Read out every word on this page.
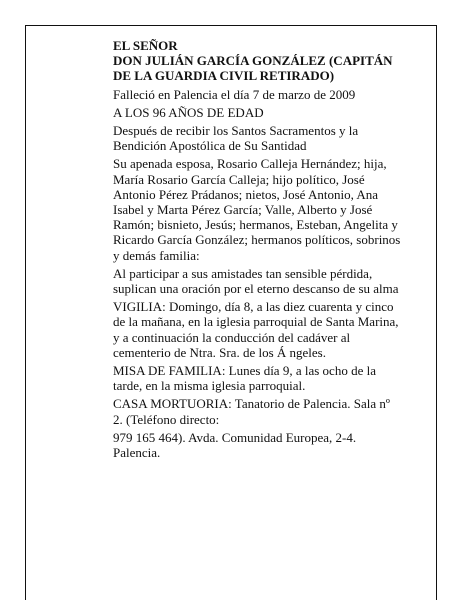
EL SEÑOR

DON JULIÁN GARCÍA GONZÁLEZ (CAPITÁN

DE LA GUARDIA CIVIL RETIRADO)

Falleció en Palencia el día 7 de marzo de 2009

A LOS 96 AÑOS DE EDAD

Después de recibir los Santos Sacramentos y la

Bendición Apostólica de Su Santidad

Su apenada esposa, Rosario Calleja Hernández; hija,

María Rosario García Calleja; hijo político, José

Antonio Pérez Prádanos; nietos, José Antonio, Ana

Isabel y Marta Pérez García; Valle, Alberto y José

Ramón; bisnieto, Jesús; hermanos, Esteban, Angelita y

Ricardo García González; hermanos políticos, sobrinos

y demás familia:

Al participar a sus amistades tan sensible pérdida,

suplican una oración por el eterno descanso de su alma

VIGILIA: Domingo, día 8, a las diez cuarenta y cinco

de la mañana, en la iglesia parroquial de Santa Marina,

y a continuación la conducción del cadáver al

cementerio de Ntra. Sra. de los Á ngeles.

MISA DE FAMILIA: Lunes día 9, a las ocho de la

tarde, en la misma iglesia parroquial.

CASA MORTUORIA: Tanatorio de Palencia. Sala nº

2. (Teléfono directo:

979 165 464). Avda. Comunidad Europea, 2-4.

Palencia.
